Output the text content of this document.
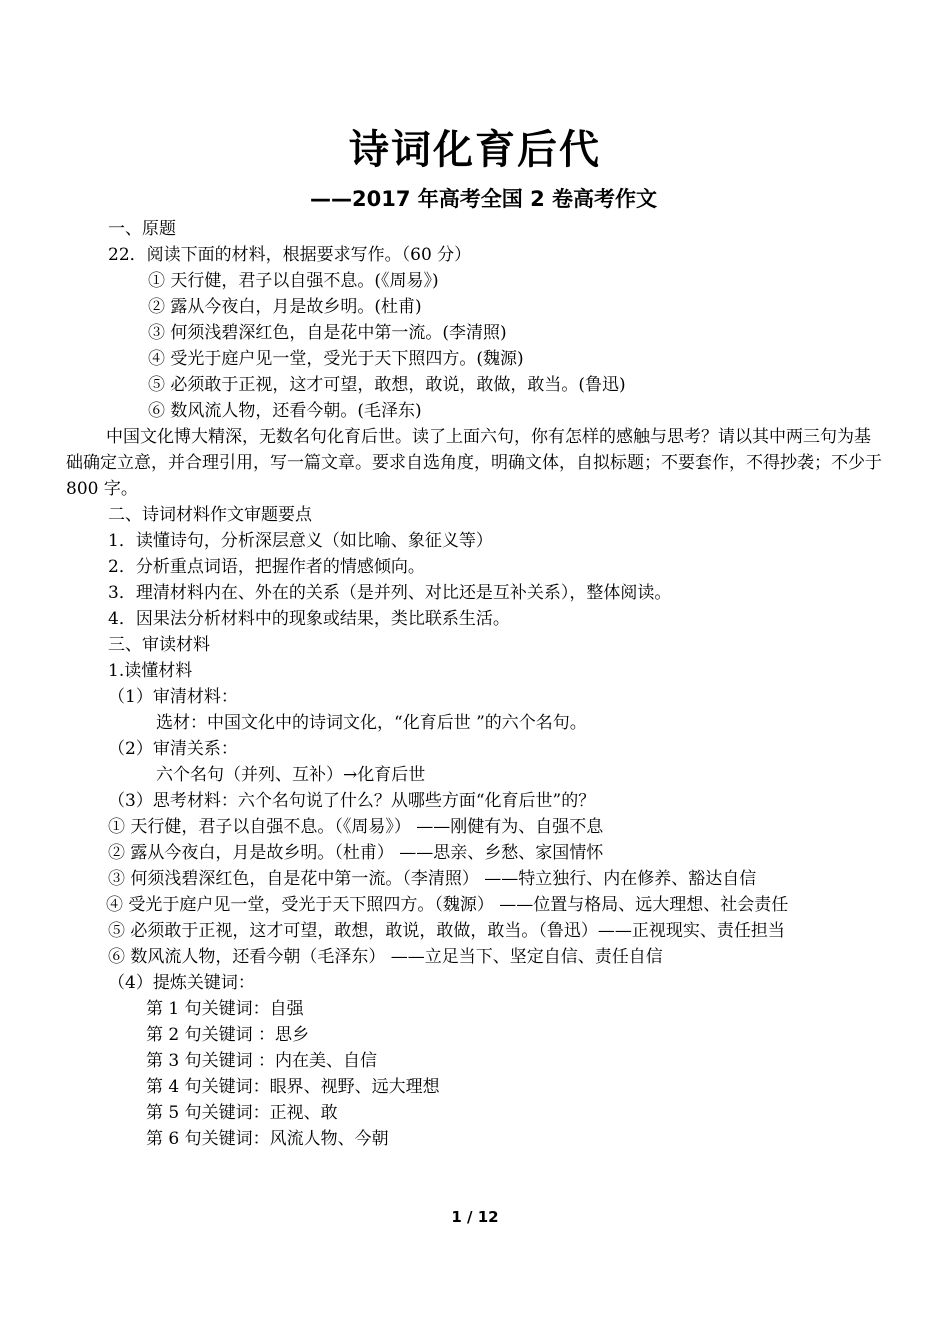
诗词化育后代
——2017 年高考全国 2 卷高考作文

一、原题

22．阅读下面的材料，根据要求写作。（60 分）

① 天行健，君子以自强不息。(《周易》)

② 露从今夜白，月是故乡明。(杜甫)

③ 何须浅碧深红色，自是花中第一流。(李清照)

④ 受光于庭户见一堂，受光于天下照四方。(魏源)

⑤ 必须敢于正视，这才可望，敢想，敢说，敢做，敢当。(鲁迅)

⑥ 数风流人物，还看今朝。(毛泽东)

中国文化博大精深，无数名句化育后世。读了上面六句，你有怎样的感触与思考？请以其中两三句为基础确定立意，并合理引用，写一篇文章。要求自选角度，明确文体，自拟标题；不要套作，不得抄袭；不少于 800 字。

二、诗词材料作文审题要点

1．读懂诗句，分析深层意义（如比喻、象征义等）

2．分析重点词语，把握作者的情感倾向。

3．理清材料内在、外在的关系（是并列、对比还是互补关系），整体阅读。

4．因果法分析材料中的现象或结果，类比联系生活。

三、审读材料

1.读懂材料

（1）审清材料：

选材：中国文化中的诗词文化，“化育后世 ”的六个名句。

（2）审清关系：

六个名句（并列、互补）→化育后世

（3）思考材料：六个名句说了什么？从哪些方面“化育后世”的？

① 天行健，君子以自强不息。（《周易》） ——刚健有为、自强不息

② 露从今夜白，月是故乡明。（杜甫） ——思亲、乡愁、家国情怀

③ 何须浅碧深红色，自是花中第一流。（李清照） ——特立独行、内在修养、豁达自信

④ 受光于庭户见一堂，受光于天下照四方。（魏源） ——位置与格局、远大理想、社会责任

⑤ 必须敢于正视，这才可望，敢想，敢说，敢做，敢当。（鲁迅）——正视现实、责任担当

⑥ 数风流人物，还看今朝（毛泽东） ——立足当下、坚定自信、责任自信

（4）提炼关键词：

第 1 句关键词：自强

第 2 句关键词 ：思乡

第 3 句关键词 ：内在美、自信

第 4 句关键词：眼界、视野、远大理想

第 5 句关键词：正视、敢

第 6 句关键词：风流人物、今朝

1 / 12
